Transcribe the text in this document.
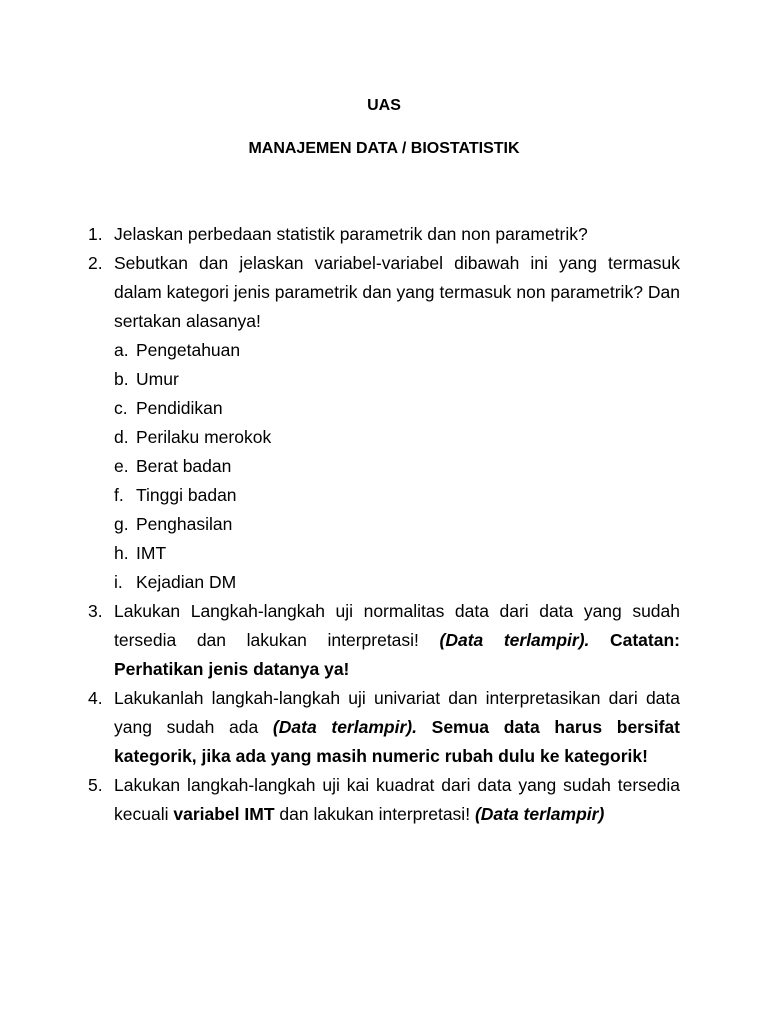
UAS
MANAJEMEN DATA / BIOSTATISTIK
1. Jelaskan perbedaan statistik parametrik dan non parametrik?
2. Sebutkan dan jelaskan variabel-variabel dibawah ini yang termasuk dalam kategori jenis parametrik dan yang termasuk non parametrik? Dan sertakan alasanya!
a. Pengetahuan
b. Umur
c. Pendidikan
d. Perilaku merokok
e. Berat badan
f. Tinggi badan
g. Penghasilan
h. IMT
i. Kejadian DM
3. Lakukan Langkah-langkah uji normalitas data dari data yang sudah tersedia dan lakukan interpretasi! (Data terlampir). Catatan: Perhatikan jenis datanya ya!
4. Lakukanlah langkah-langkah uji univariat dan interpretasikan dari data yang sudah ada (Data terlampir). Semua data harus bersifat kategorik, jika ada yang masih numeric rubah dulu ke kategorik!
5. Lakukan langkah-langkah uji kai kuadrat dari data yang sudah tersedia kecuali variabel IMT dan lakukan interpretasi! (Data terlampir)
